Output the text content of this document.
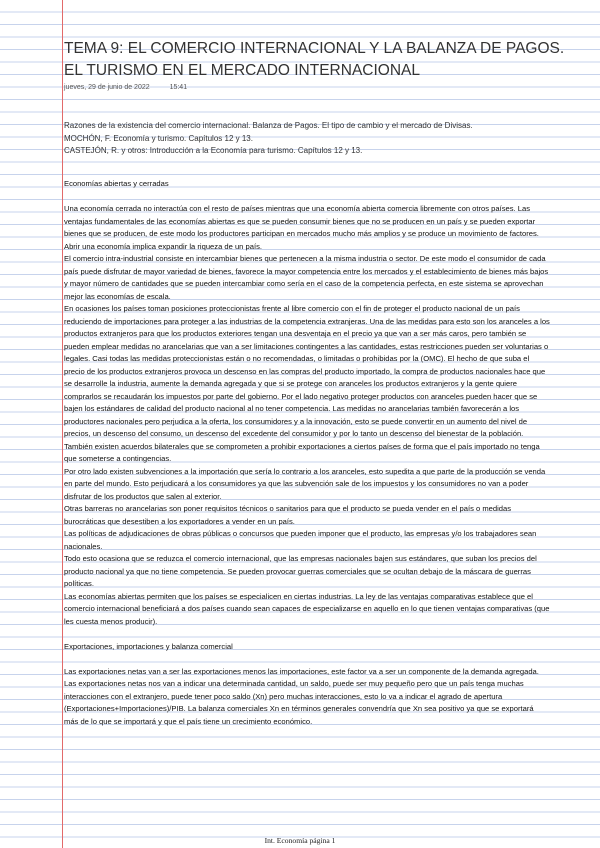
TEMA 9: EL COMERCIO INTERNACIONAL Y LA BALANZA DE PAGOS. EL TURISMO EN EL MERCADO INTERNACIONAL
jueves, 29 de junio de 2022	15:41
Razones de la existencia del comercio internacional. Balanza de Pagos. El tipo de cambio y el mercado de Divisas.
MOCHÓN, F. Economía y turismo. Capítulos 12 y 13.
CASTEJÓN, R. y otros: Introducción a la Economía para turismo. Capítulos 12 y 13.
Economías abiertas y cerradas

Una economía cerrada no interactúa con el resto de países mientras que una economía abierta comercia libremente con otros países. Las ventajas fundamentales de las economías abiertas es que se pueden consumir bienes que no se producen en un país y se pueden exportar bienes que se producen, de este modo los productores participan en mercados mucho más amplios y se produce un movimiento de factores. Abrir una economía implica expandir la riqueza de un país.

El comercio intra-industrial consiste en intercambiar bienes que pertenecen a la misma industria o sector. De este modo el consumidor de cada país puede disfrutar de mayor variedad de bienes, favorece la mayor competencia entre los mercados y el establecimiento de bienes más bajos y mayor número de cantidades que se pueden intercambiar como sería en el caso de la competencia perfecta, en este sistema se aprovechan mejor las economías de escala.

En ocasiones los países toman posiciones proteccionistas frente al libre comercio con el fin de proteger el producto nacional de un país reduciendo de importaciones para proteger a las industrias de la competencia extranjeras. Una de las medidas para esto son los aranceles a los productos extranjeros para que los productos exteriores tengan una desventaja en el precio ya que van a ser más caros, pero también se pueden emplear medidas no arancelarias que van a ser limitaciones contingentes a las cantidades, estas restricciones pueden ser voluntarias o legales. Casi todas las medidas proteccionistas están o no recomendadas, o limitadas o prohibidas por la (OMC). El hecho de que suba el precio de los productos extranjeros provoca un descenso en las compras del producto importado, la compra de productos nacionales hace que se desarrolle la industria, aumente la demanda agregada y que si se protege con aranceles los productos extranjeros y la gente quiere comprarlos se recaudarán los impuestos por parte del gobierno. Por el lado negativo proteger productos con aranceles pueden hacer que se bajen los estándares de calidad del producto nacional al no tener competencia. Las medidas no arancelarias también favorecerán a los productores nacionales pero perjudica a la oferta, los consumidores y a la innovación, esto se puede convertir en un aumento del nivel de precios, un descenso del consumo, un descenso del excedente del consumidor y por lo tanto un descenso del bienestar de la población.

También existen acuerdos bilaterales que se comprometen a prohibir exportaciones a ciertos países de forma que el país importado no tenga que someterse a contingencias.

Por otro lado existen subvenciones a la importación que sería lo contrario a los aranceles, esto supedita a que parte de la producción se venda en parte del mundo. Esto perjudicará a los consumidores ya que las subvención sale de los impuestos y los consumidores no van a poder disfrutar de los productos que salen al exterior.

Otras barreras no arancelarias son poner requisitos técnicos o sanitarios para que el producto se pueda vender en el país o medidas burocráticas que desestiben a los exportadores a vender en un país.

Las políticas de adjudicaciones de obras públicas o concursos que pueden imponer que el producto, las empresas y/o los trabajadores sean nacionales.

Todo esto ocasiona que se reduzca el comercio internacional, que las empresas nacionales bajen sus estándares, que suban los precios del producto nacional ya que no tiene competencia. Se pueden provocar guerras comerciales que se ocultan debajo de la máscara de guerras políticas.

Las economías abiertas permiten que los países se especialicen en ciertas industrias. La ley de las ventajas comparativas establece que el comercio internacional beneficiará a dos países cuando sean capaces de especializarse en aquello en lo que tienen ventajas comparativas (que les cuesta menos producir).

Exportaciones, importaciones y balanza comercial

Las exportaciones netas van a ser las exportaciones menos las importaciones, este factor va a ser un componente de la demanda agregada. Las exportaciones netas nos van a indicar una determinada cantidad, un saldo, puede ser muy pequeño pero que un país tenga muchas interacciones con el extranjero, puede tener poco saldo (Xn) pero muchas interacciones, esto lo va a indicar el agrado de apertura (Exportaciones+Importaciones)/PIB. La balanza comerciales Xn en términos generales convendría que Xn sea positivo ya que se exportará más de lo que se importará y que el país tiene un crecimiento económico.

Int. Economía página 1
